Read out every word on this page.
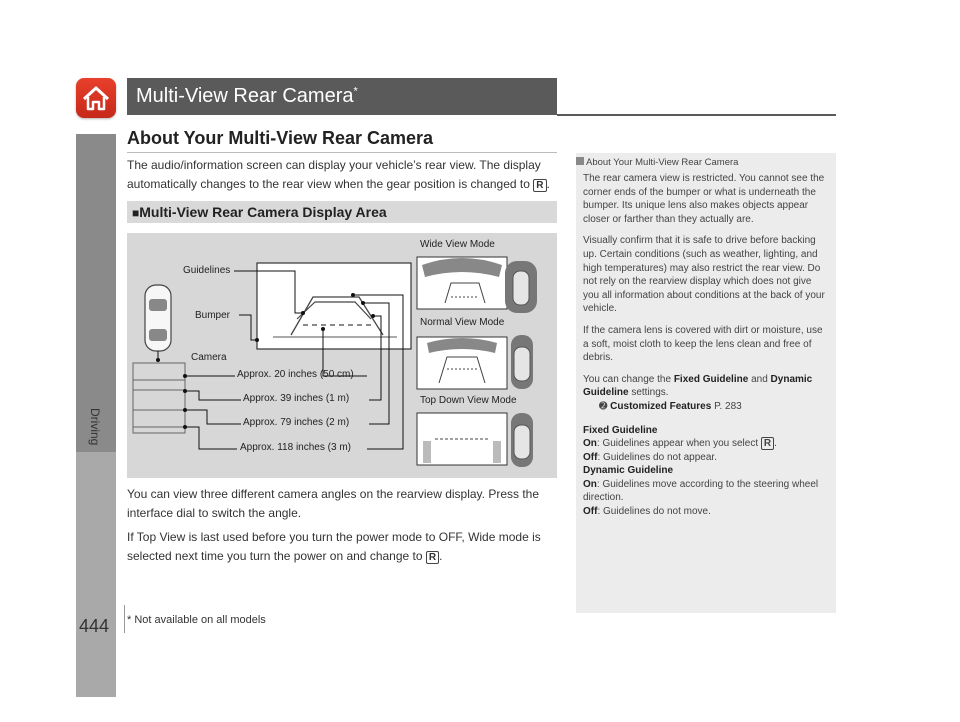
Driving
Multi-View Rear Camera*
About Your Multi-View Rear Camera
The audio/information screen can display your vehicle’s rear view. The display
automatically changes to the rear view when the gear position is changed to R .
■Multi-View Rear Camera Display Area
Guidelines
Bumper
Camera
Approx. 20 inches (50 cm)
Approx. 39 inches (1 m)
Approx. 79 inches (2 m)
Approx. 118 inches (3 m)
Wide View Mode
Normal View Mode
Top Down View Mode
You can view three different camera angles on the rearview display. Press the
interface dial to switch the angle.
If Top View is last used before you turn the power mode to OFF, Wide mode is
selected next time you turn the power on and change to R .
About Your Multi-View Rear Camera
The rear camera view is restricted. You cannot see the corner ends of the bumper or what is underneath the bumper. Its unique lens also makes objects appear closer or farther than they actually are.
Visually confirm that it is safe to drive before backing up. Certain conditions (such as weather, lighting, and high temperatures) may also restrict the rear view. Do not rely on the rearview display which does not give you all information about conditions at the back of your vehicle.
If the camera lens is covered with dirt or moisture, use a soft, moist cloth to keep the lens clean and free of debris.
You can change the Fixed Guideline and Dynamic Guideline settings.
➋ Customized Features P. 283
Fixed Guideline
On: Guidelines appear when you select R .
Off: Guidelines do not appear.
Dynamic Guideline
On: Guidelines move according to the steering wheel direction.
Off: Guidelines do not move.
444 * Not available on all models
